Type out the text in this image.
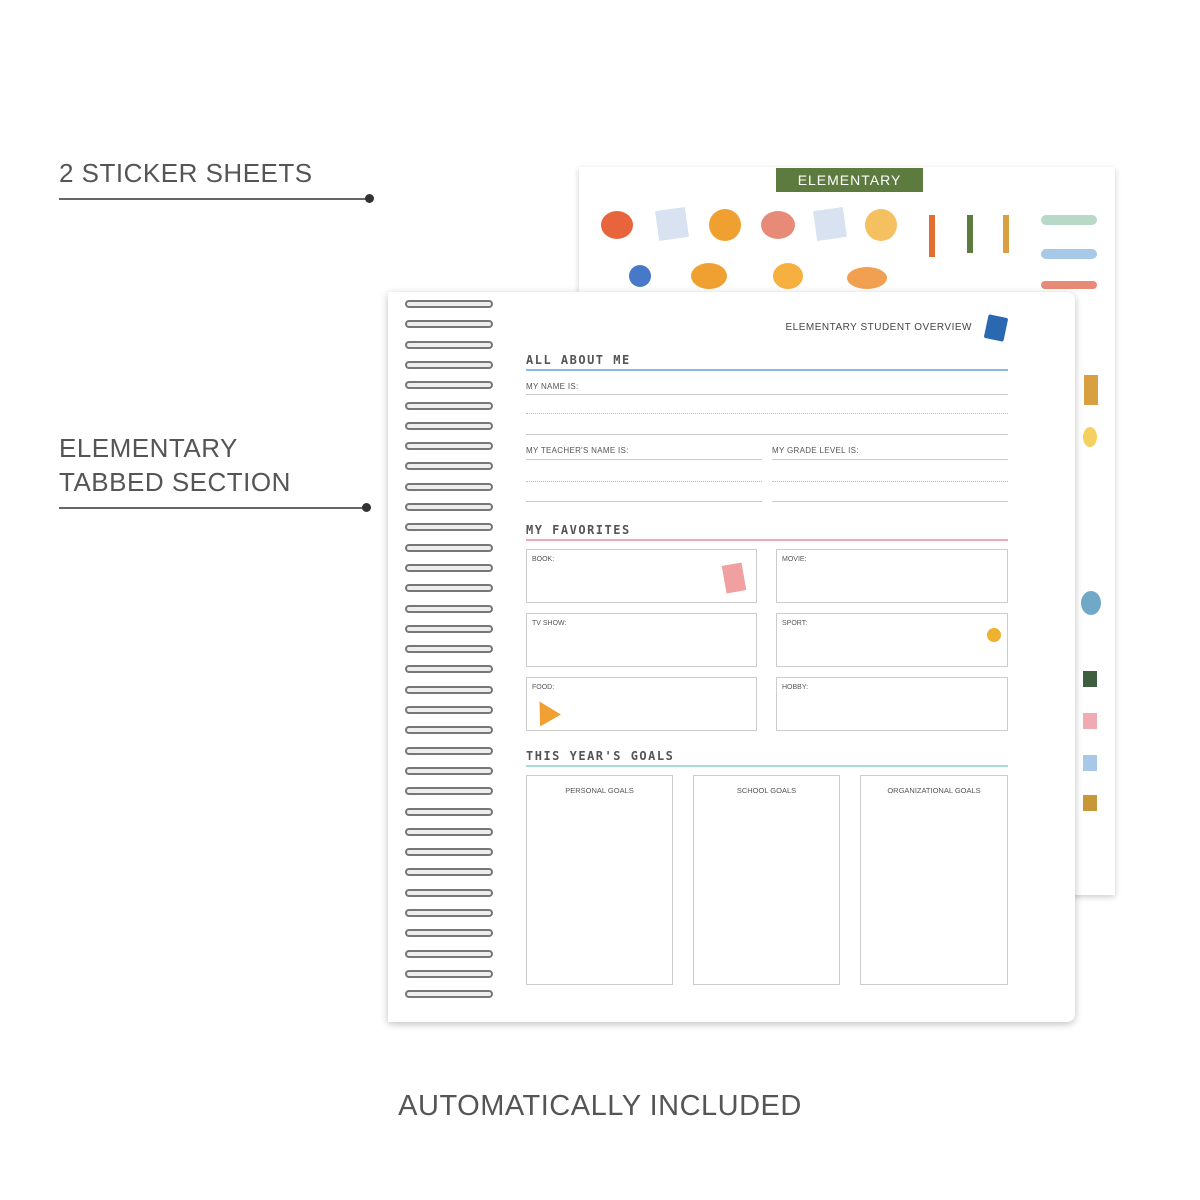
2 STICKER SHEETS
ELEMENTARY
TABBED SECTION
ELEMENTARY
ELEMENTARY STUDENT OVERVIEW
ALL ABOUT ME
MY NAME IS:
MY TEACHER'S NAME IS:	MY GRADE LEVEL IS:
MY FAVORITES
BOOK:	MOVIE:
TV SHOW:	SPORT:
FOOD:	HOBBY:
THIS YEAR'S GOALS
PERSONAL GOALS	SCHOOL GOALS	ORGANIZATIONAL GOALS
AUTOMATICALLY INCLUDED
